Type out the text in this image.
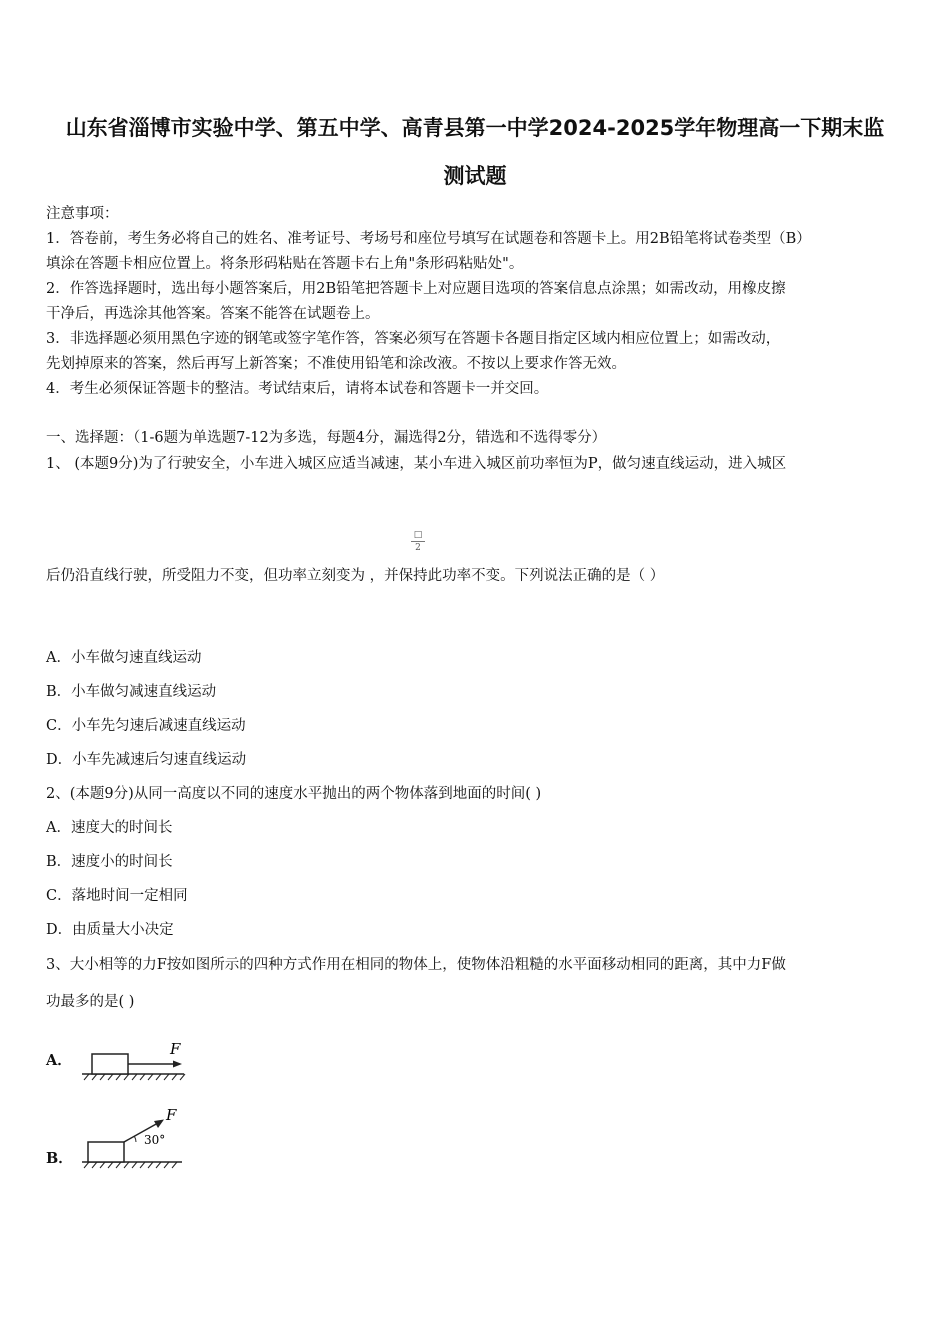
山东省淄博市实验中学、第五中学、高青县第一中学2024-2025学年物理高一下期末监
测试题
注意事项：
1．答卷前，考生务必将自己的姓名、准考证号、考场号和座位号填写在试题卷和答题卡上。用2B铅笔将试卷类型（B）
填涂在答题卡相应位置上。将条形码粘贴在答题卡右上角"条形码粘贴处"。
2．作答选择题时，选出每小题答案后，用2B铅笔把答题卡上对应题目选项的答案信息点涂黑；如需改动，用橡皮擦
干净后，再选涂其他答案。答案不能答在试题卷上。
3．非选择题必须用黑色字迹的钢笔或签字笔作答，答案必须写在答题卡各题目指定区域内相应位置上；如需改动，
先划掉原来的答案，然后再写上新答案；不准使用铅笔和涂改液。不按以上要求作答无效。
4．考生必须保证答题卡的整洁。考试结束后，请将本试卷和答题卡一并交回。
一、选择题：（1-6题为单选题7-12为多选，每题4分，漏选得2分，错选和不选得零分）
1、 (本题9分)为了行驶安全，小车进入城区应适当减速，某小车进入城区前功率恒为P，做匀速直线运动，进入城区
□
2
后仍沿直线行驶，所受阻力不变，但功率立刻变为 ，并保持此功率不变。下列说法正确的是（ ）
A．小车做匀速直线运动
B．小车做匀减速直线运动
C．小车先匀速后减速直线运动
D．小车先减速后匀速直线运动
2、(本题9分)从同一高度以不同的速度水平抛出的两个物体落到地面的时间( )
A．速度大的时间长
B．速度小的时间长
C．落地时间一定相同
D．由质量大小决定
3、大小相等的力F按如图所示的四种方式作用在相同的物体上，使物体沿粗糙的水平面移动相同的距离，其中力F做
功最多的是( )
A．
F
B．
F
30°
